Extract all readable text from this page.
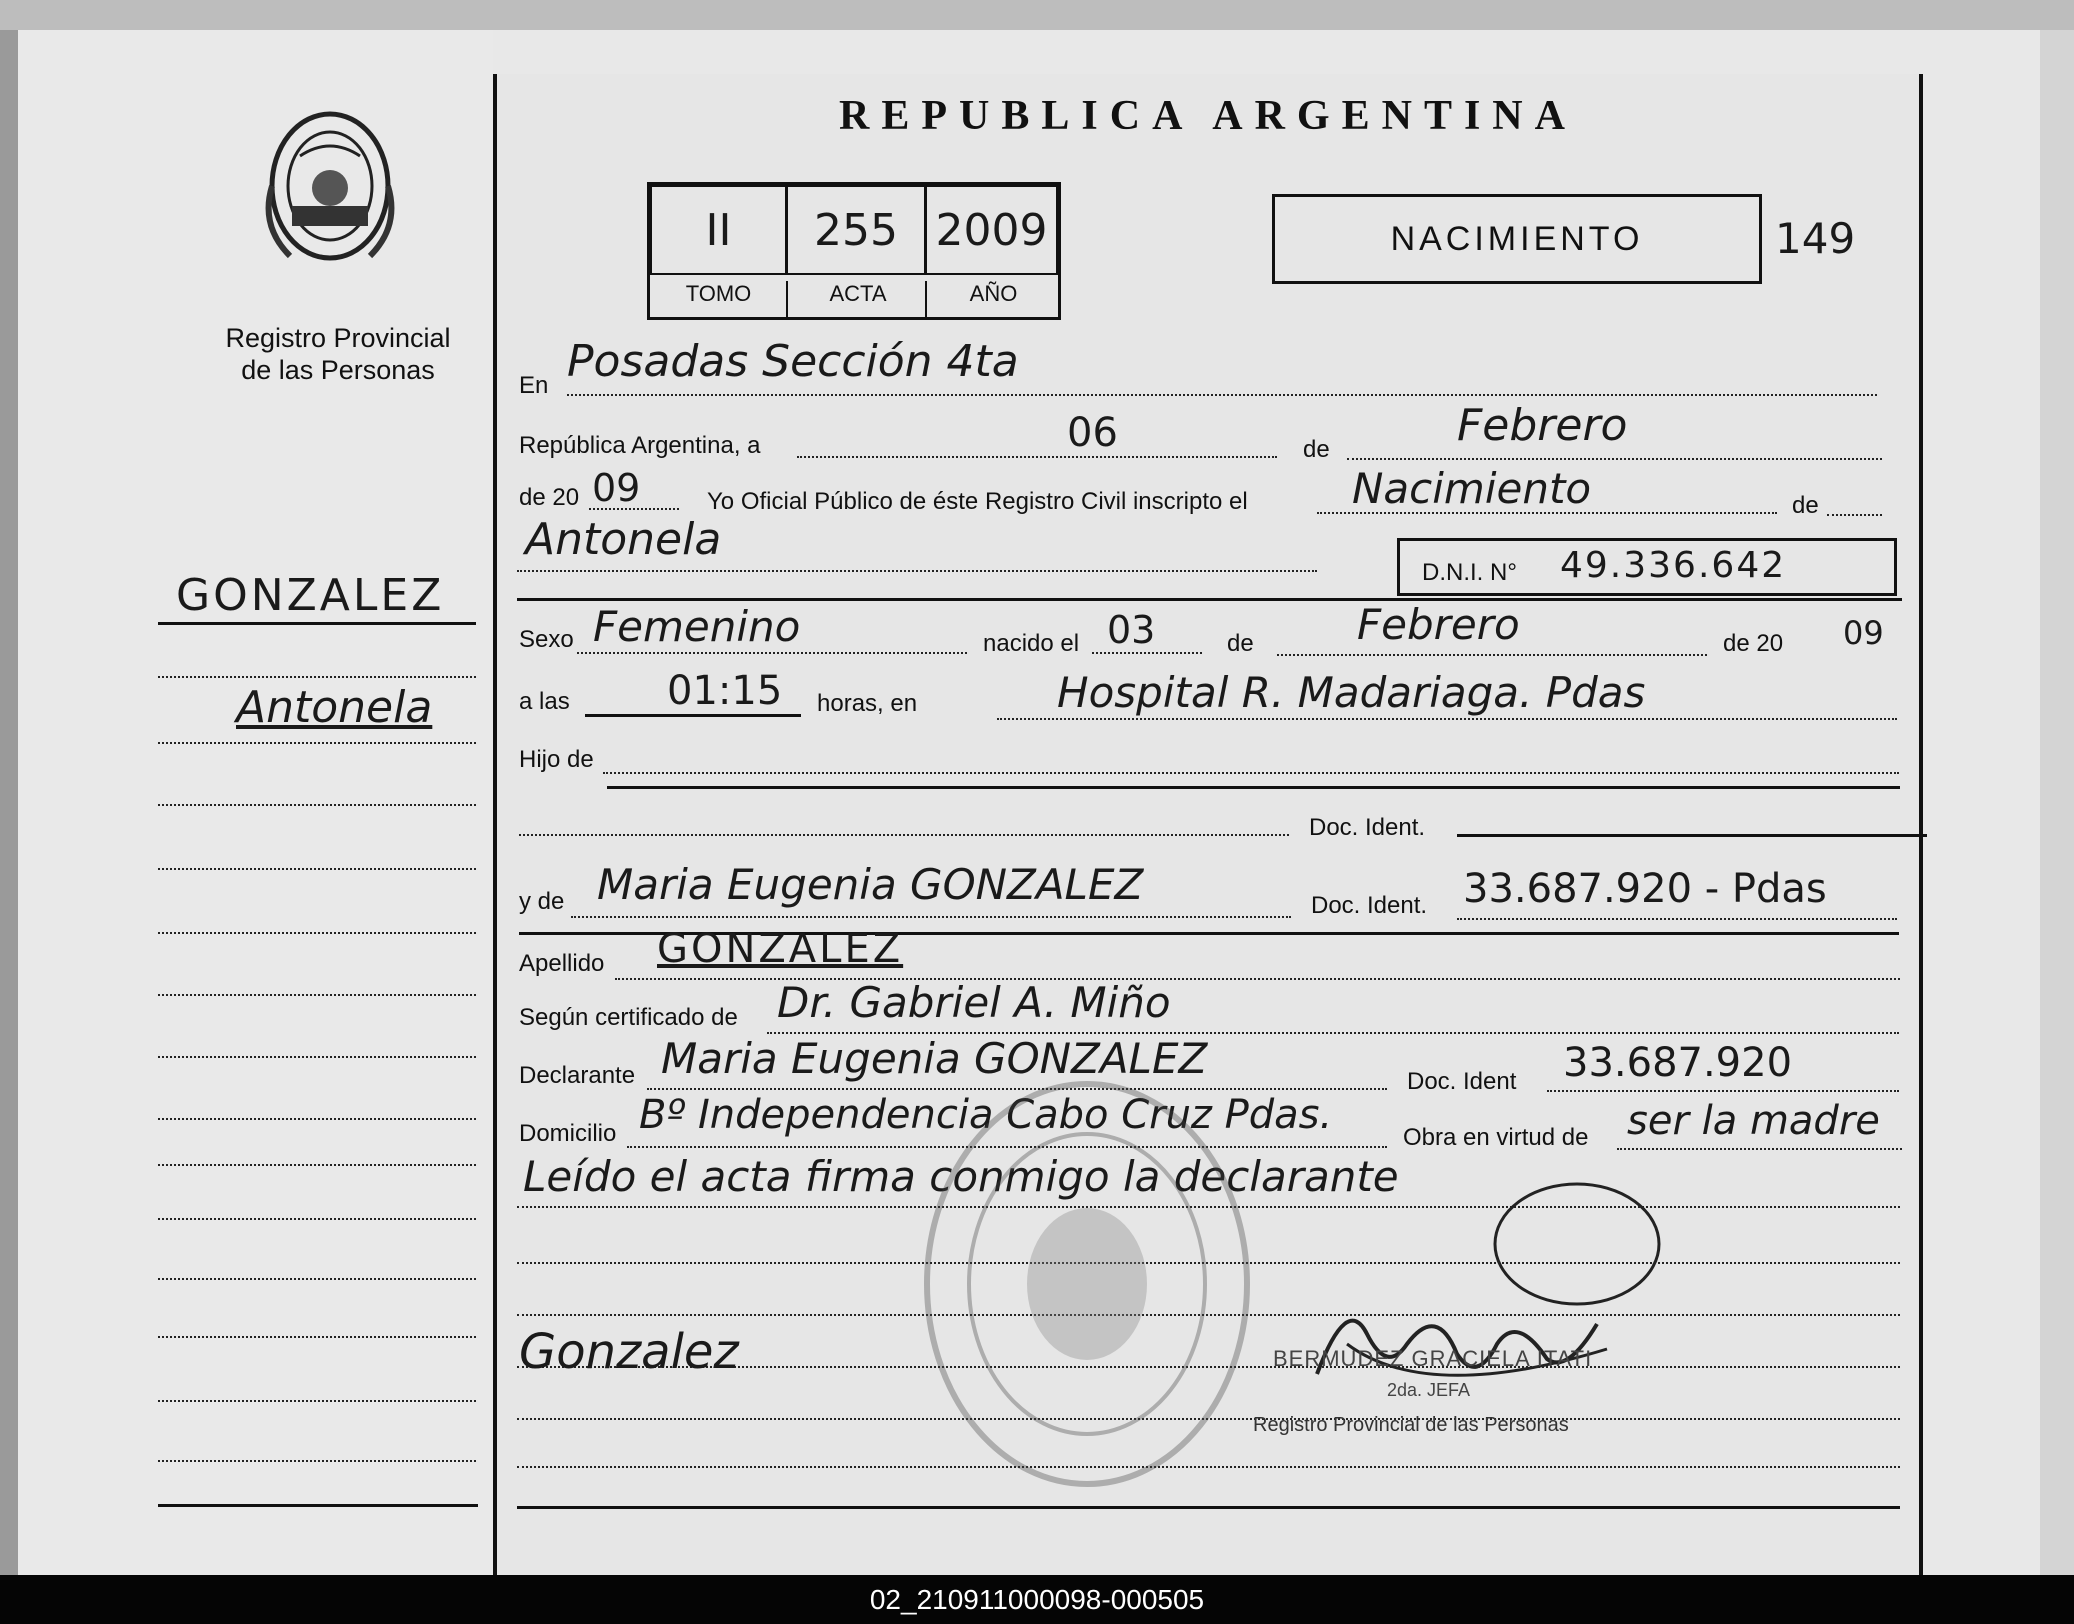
Registro Provincial
de las Personas
GONZALEZ
Antonela
REPUBLICA ARGENTINA
II	255 2009
TOMO	ACTA	AÑO
NACIMIENTO	149
En Posadas Sección 4ta
República Argentina, a	06	de	Febrero
de 20 09	Yo Oficial Público de éste Registro Civil inscripto el Nacimiento	de
Antonela
D.N.I. N° 49.336.642
Sexo Femenino	nacido el 03	de Febrero	de 20 09
a las 01:15 horas, en	Hospital R. Madariaga. Pdas
Hijo de
Doc. Ident.
y de Maria Eugenia GONZALEZ	Doc. Ident. 33.687.920 - Pdas
Apellido GONZALEZ
Según certificado de Dr. Gabriel A. Miño
Declarante Maria Eugenia GONZALEZ	Doc. Ident 33.687.920
Domicilio Bº Independencia Cabo Cruz Pdas.	Obra en virtud de ser la madre
Leído el acta firma conmigo la declarante
Gonzalez	BERMUDEZ GRACIELA ITATI
2da. JEFA
Registro Provincial de las Personas
02_210911000098-000505
